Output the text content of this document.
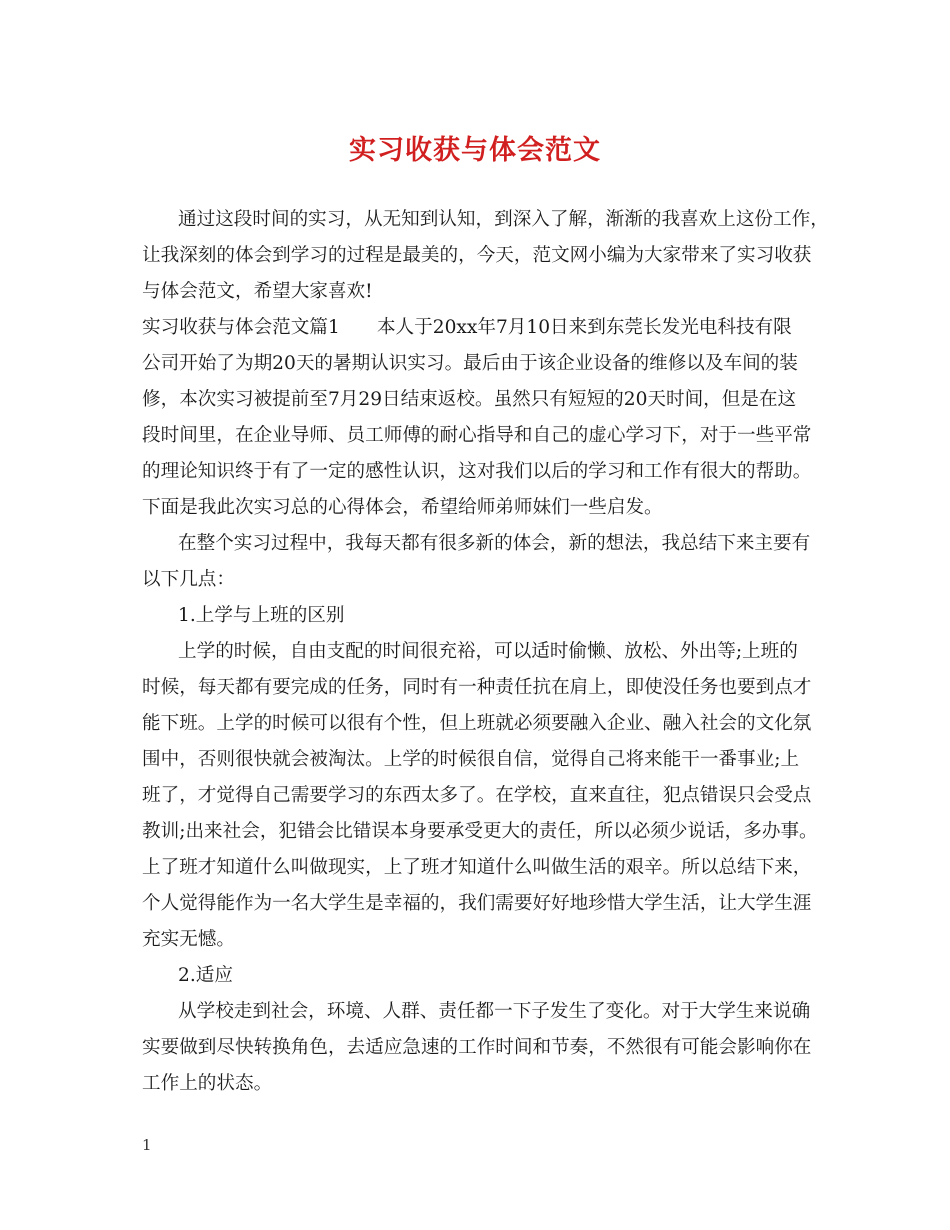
实习收获与体会范文

通过这段时间的实习，从无知到认知，到深入了解，渐渐的我喜欢上这份工作，

让我深刻的体会到学习的过程是最美的，今天，范文网小编为大家带来了实习收获

与体会范文，希望大家喜欢!

实习收获与体会范文篇1　　本人于20xx年7月10日来到东莞长发光电科技有限

公司开始了为期20天的暑期认识实习。最后由于该企业设备的维修以及车间的装

修，本次实习被提前至7月29日结束返校。虽然只有短短的20天时间，但是在这

段时间里，在企业导师、员工师傅的耐心指导和自己的虚心学习下，对于一些平常

的理论知识终于有了一定的感性认识，这对我们以后的学习和工作有很大的帮助。

下面是我此次实习总的心得体会，希望给师弟师妹们一些启发。

在整个实习过程中，我每天都有很多新的体会，新的想法，我总结下来主要有

以下几点：

1.上学与上班的区别

上学的时候，自由支配的时间很充裕，可以适时偷懒、放松、外出等;上班的

时候，每天都有要完成的任务，同时有一种责任抗在肩上，即使没任务也要到点才

能下班。上学的时候可以很有个性，但上班就必须要融入企业、融入社会的文化氛

围中，否则很快就会被淘汰。上学的时候很自信，觉得自己将来能干一番事业;上

班了，才觉得自己需要学习的东西太多了。在学校，直来直往，犯点错误只会受点

教训;出来社会，犯错会比错误本身要承受更大的责任，所以必须少说话，多办事。

上了班才知道什么叫做现实，上了班才知道什么叫做生活的艰辛。所以总结下来，

个人觉得能作为一名大学生是幸福的，我们需要好好地珍惜大学生活，让大学生涯

充实无憾。

2.适应

从学校走到社会，环境、人群、责任都一下子发生了变化。对于大学生来说确

实要做到尽快转换角色，去适应急速的工作时间和节奏，不然很有可能会影响你在

工作上的状态。

1
